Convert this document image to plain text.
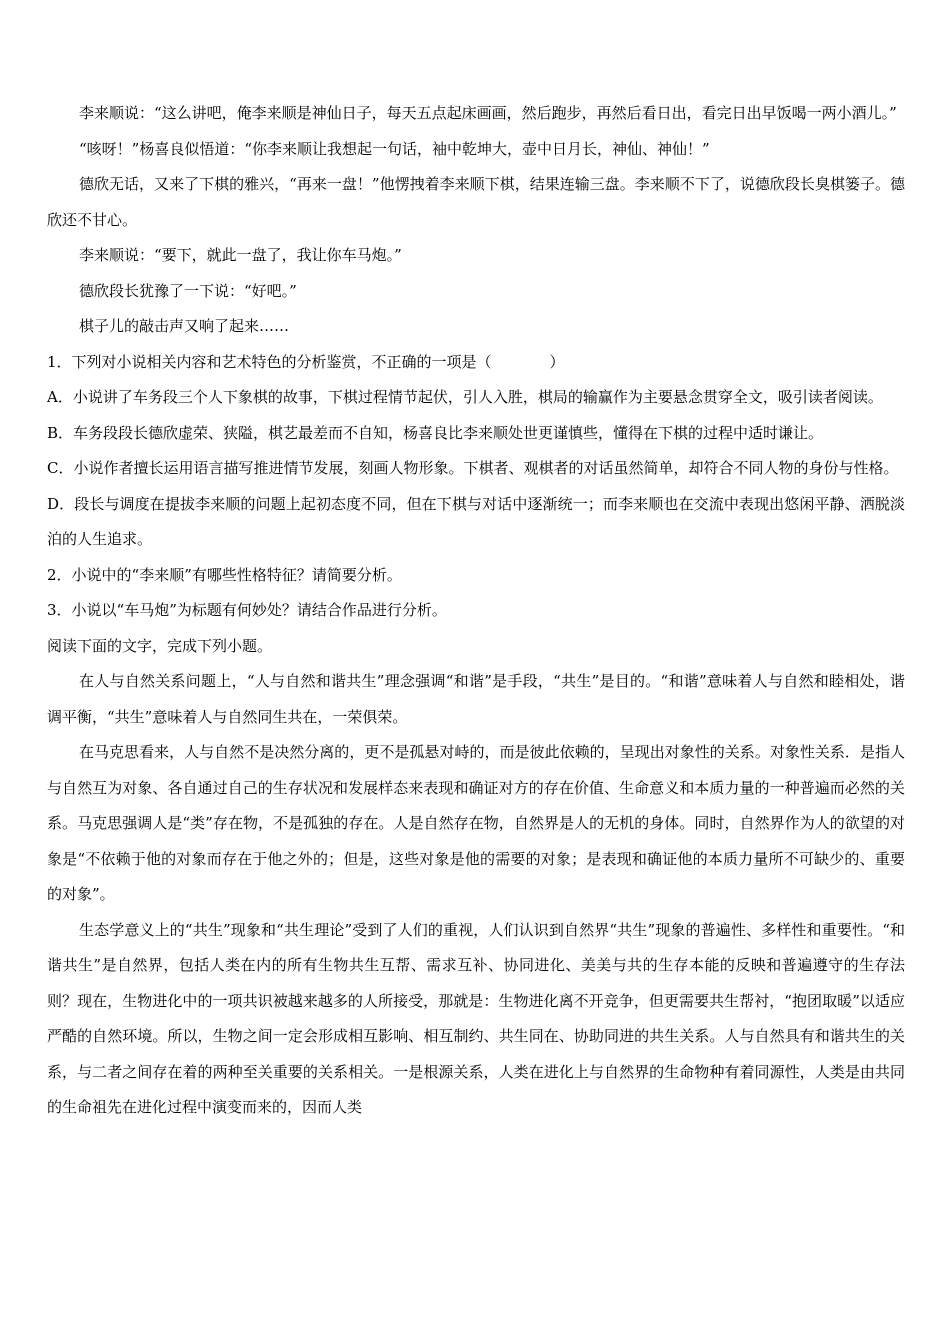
李来顺说：“这么讲吧，俺李来顺是神仙日子，每天五点起床画画，然后跑步，再然后看日出，看完日出早饭喝一两小酒儿。”

“咳呀！”杨喜良似悟道：“你李来顺让我想起一句话，袖中乾坤大，壶中日月长，神仙、神仙！”

德欣无话，又来了下棋的雅兴，“再来一盘！”他愣拽着李来顺下棋，结果连输三盘。李来顺不下了，说德欣段长臭棋篓子。德欣还不甘心。

李来顺说：“要下，就此一盘了，我让你车马炮。”

德欣段长犹豫了一下说：“好吧。”

棋子儿的敲击声又响了起来……

1．下列对小说相关内容和艺术特色的分析鉴赏，不正确的一项是（	）

A．小说讲了车务段三个人下象棋的故事，下棋过程情节起伏，引人入胜，棋局的输赢作为主要悬念贯穿全文，吸引读者阅读。

B．车务段段长德欣虚荣、狭隘，棋艺最差而不自知，杨喜良比李来顺处世更谨慎些，懂得在下棋的过程中适时谦让。

C．小说作者擅长运用语言描写推进情节发展，刻画人物形象。下棋者、观棋者的对话虽然简单，却符合不同人物的身份与性格。

D．段长与调度在提拔李来顺的问题上起初态度不同，但在下棋与对话中逐渐统一；而李来顺也在交流中表现出悠闲平静、洒脱淡泊的人生追求。

2．小说中的“李来顺”有哪些性格特征？请简要分析。

3．小说以“车马炮”为标题有何妙处？请结合作品进行分析。

阅读下面的文字，完成下列小题。

在人与自然关系问题上，“人与自然和谐共生”理念强调“和谐”是手段，“共生”是目的。“和谐”意味着人与自然和睦相处，谐调平衡，“共生”意味着人与自然同生共在，一荣俱荣。

在马克思看来，人与自然不是决然分离的，更不是孤悬对峙的，而是彼此依赖的，呈现出对象性的关系。对象性关系．是指人与自然互为对象、各自通过自己的生存状况和发展样态来表现和确证对方的存在价值、生命意义和本质力量的一种普遍而必然的关系。马克思强调人是“类”存在物，不是孤独的存在。人是自然存在物，自然界是人的无机的身体。同时，自然界作为人的欲望的对象是“不依赖于他的对象而存在于他之外的；但是，这些对象是他的需要的对象；是表现和确证他的本质力量所不可缺少的、重要的对象”。

生态学意义上的“共生”现象和“共生理论”受到了人们的重视，人们认识到自然界“共生”现象的普遍性、多样性和重要性。“和谐共生”是自然界，包括人类在内的所有生物共生互帮、需求互补、协同进化、美美与共的生存本能的反映和普遍遵守的生存法则？现在，生物进化中的一项共识被越来越多的人所接受，那就是：生物进化离不开竞争，但更需要共生帮衬，“抱团取暖”以适应严酷的自然环境。所以，生物之间一定会形成相互影响、相互制约、共生同在、协助同进的共生关系。人与自然具有和谐共生的关系，与二者之间存在着的两种至关重要的关系相关。一是根源关系，人类在进化上与自然界的生命物种有着同源性，人类是由共同的生命祖先在进化过程中演变而来的，因而人类
